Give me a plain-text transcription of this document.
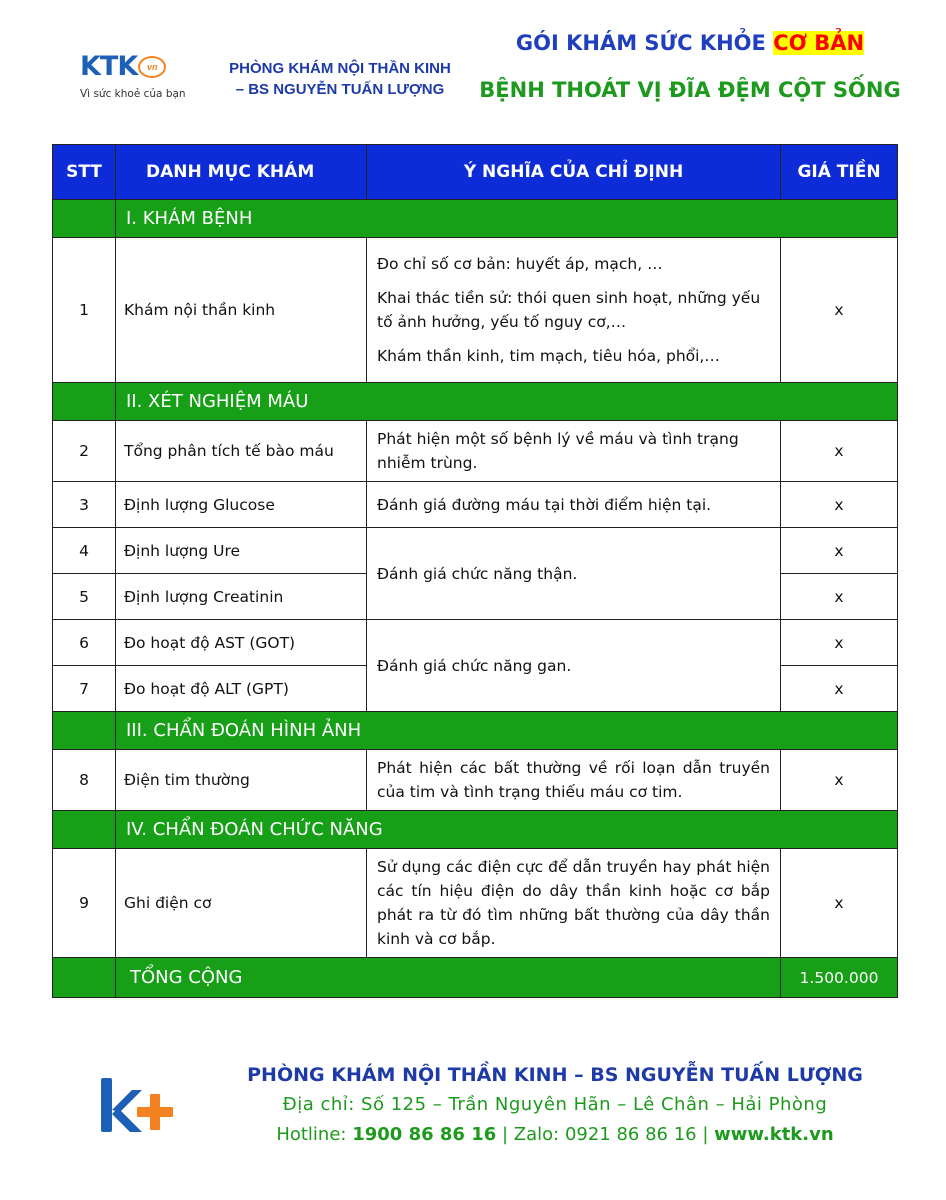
KTK	vn
Vì sức khoẻ của bạn
PHÒNG KHÁM NỘI THẦN KINH
– BS NGUYỄN TUẤN LƯỢNG
GÓI KHÁM SỨC KHỎE CƠ BẢN
BỆNH THOÁT VỊ ĐĨA ĐỆM CỘT SỐNG
STT	DANH MỤC KHÁM	Ý NGHĨA CỦA CHỈ ĐỊNH	GIÁ TIỀN
	I. KHÁM BỆNH		
1	Khám nội thần kinh	Đo chỉ số cơ bản: huyết áp, mạch, …

Khai thác tiền sử: thói quen sinh hoạt, những yếu tố ảnh hưởng, yếu tố nguy cơ,…

Khám thần kinh, tim mạch, tiêu hóa, phổi,…	x
	II. XÉT NGHIỆM MÁU		
2	Tổng phân tích tế bào máu	Phát hiện một số bệnh lý về máu và tình trạng nhiễm trùng.	x
3	Định lượng Glucose	Đánh giá đường máu tại thời điểm hiện tại.	x
4	Định lượng Ure	Đánh giá chức năng thận.	x
5	Định lượng Creatinin		x
6	Đo hoạt độ AST (GOT)	Đánh giá chức năng gan.	x
7	Đo hoạt độ ALT (GPT)		x
	III. CHẨN ĐOÁN HÌNH ẢNH		
8	Điện tim thường	Phát hiện các bất thường về rối loạn dẫn truyền của tim và tình trạng thiếu máu cơ tim.	x
	IV. CHẨN ĐOÁN CHỨC NĂNG		
9	Ghi điện cơ	Sử dụng các điện cực để dẫn truyền hay phát hiện các tín hiệu điện do dây thần kinh hoặc cơ bắp phát ra từ đó tìm những bất thường của dây thần kinh và cơ bắp.	x
	TỔNG CỘNG		1.500.000
PHÒNG KHÁM NỘI THẦN KINH – BS NGUYỄN TUẤN LƯỢNG
Địa chỉ: Số 125 – Trần Nguyên Hãn – Lê Chân – Hải Phòng
Hotline: 1900 86 86 16 | Zalo: 0921 86 86 16 | www.ktk.vn
